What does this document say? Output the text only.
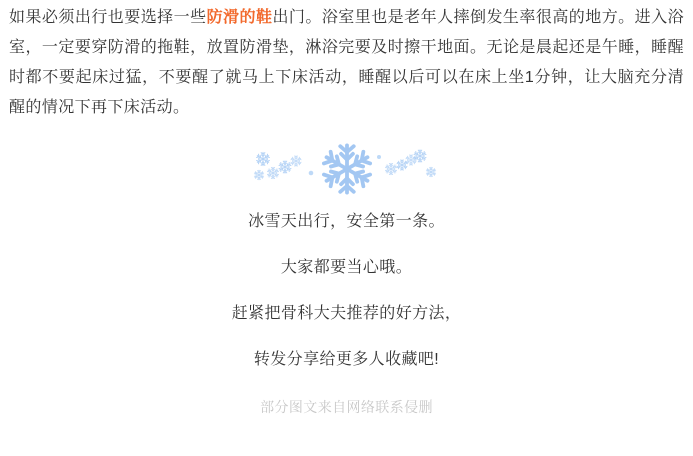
如果必须出行也要选择一些防滑的鞋出门。浴室里也是老年人摔倒发生率很高的地方。进入浴室，一定要穿防滑的拖鞋，放置防滑垫，淋浴完要及时擦干地面。无论是晨起还是午睡，睡醒时都不要起床过猛，不要醒了就马上下床活动，睡醒以后可以在床上坐1分钟，让大脑充分清醒的情况下再下床活动。

冰雪天出行，安全第一条。

大家都要当心哦。

赶紧把骨科大夫推荐的好方法，

转发分享给更多人收藏吧!

部分图文来自网络联系侵删
